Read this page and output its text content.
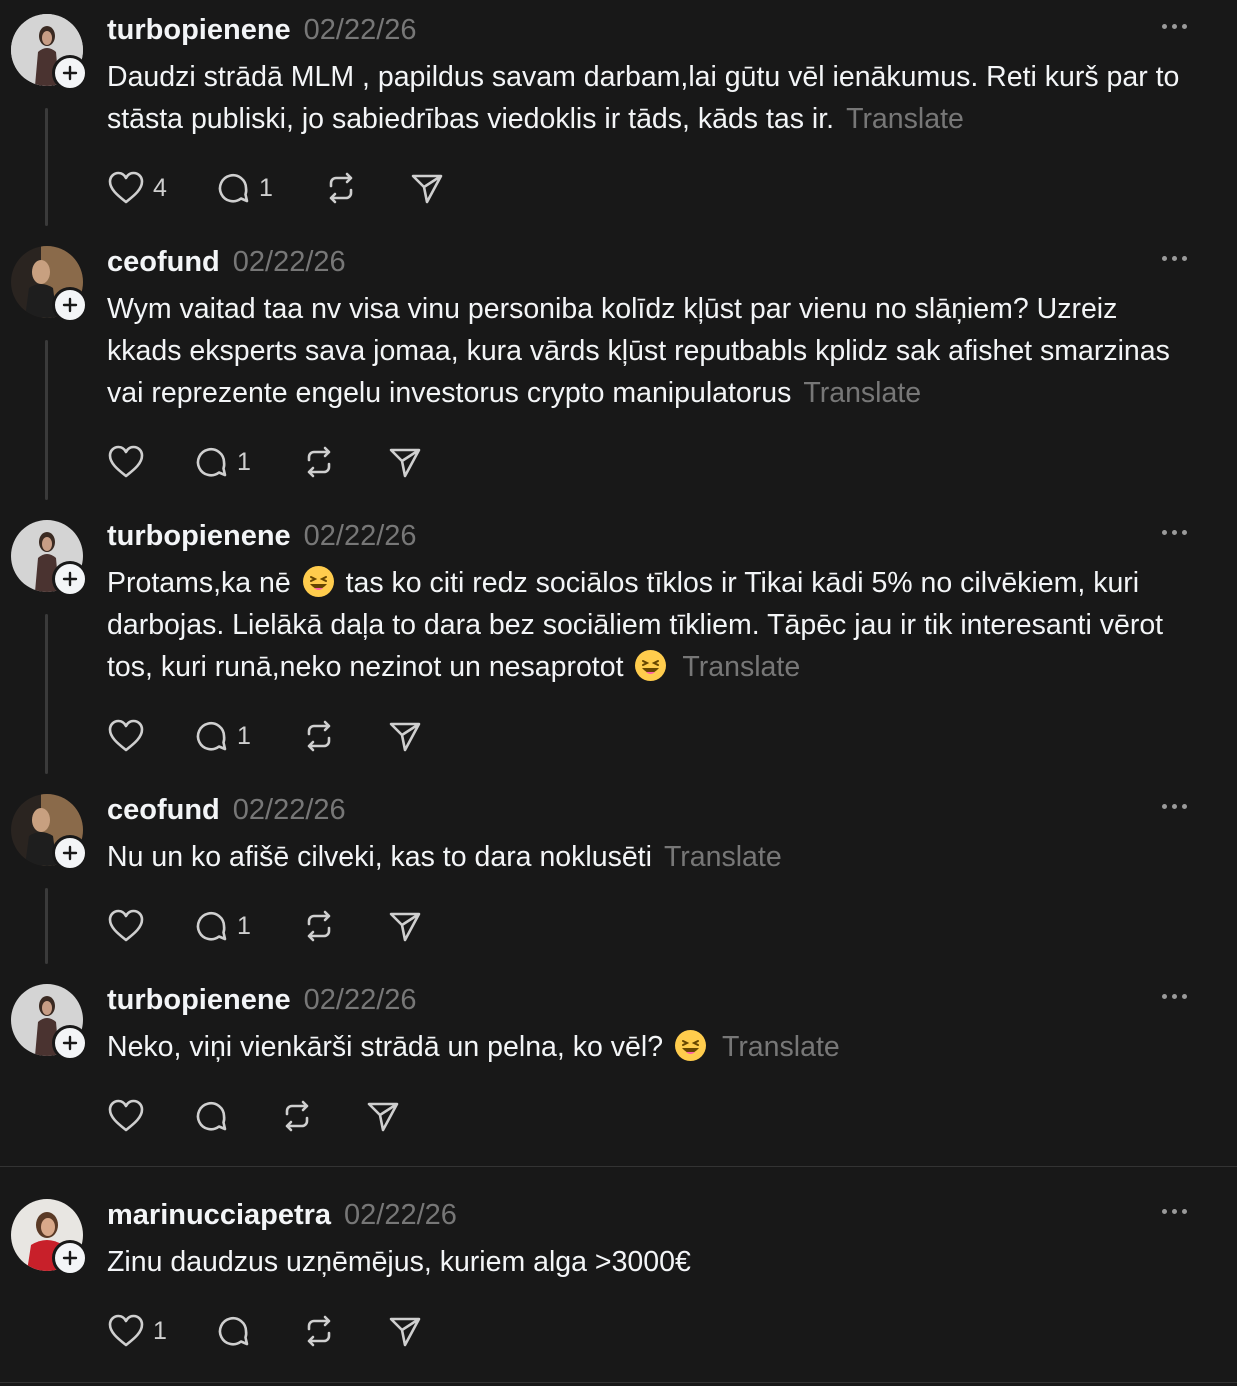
turbopienene 02/22/26
Daudzi strādā MLM , papildus savam darbam,lai gūtu vēl ienākumus. Reti kurš par to stāsta publiski, jo sabiedrības viedoklis ir tāds, kāds tas ir. Translate
4	1
ceofund 02/22/26
Wym vaitad taa nv visa vinu personiba kolīdz kļūst par vienu no slāņiem? Uzreiz kkads eksperts sava jomaa, kura vārds kļūst reputbabls kplidz sak afishet smarzinas vai reprezente engelu investorus crypto manipulatorus Translate
1
turbopienene 02/22/26
Protams,ka nē tas ko citi redz sociālos tīklos ir Tikai kādi 5% no cilvēkiem, kuri darbojas. Lielākā daļa to dara bez sociāliem tīkliem. Tāpēc jau ir tik interesanti vērot tos, kuri runā,neko nezinot un nesaprotot Translate
1
ceofund 02/22/26
Nu un ko afišē cilveki, kas to dara noklusēti Translate
1
turbopienene 02/22/26
Neko, viņi vienkārši strādā un pelna, ko vēl? Translate
marinucciapetra 02/22/26
Zinu daudzus uzņēmējus, kuriem alga >3000€
1
